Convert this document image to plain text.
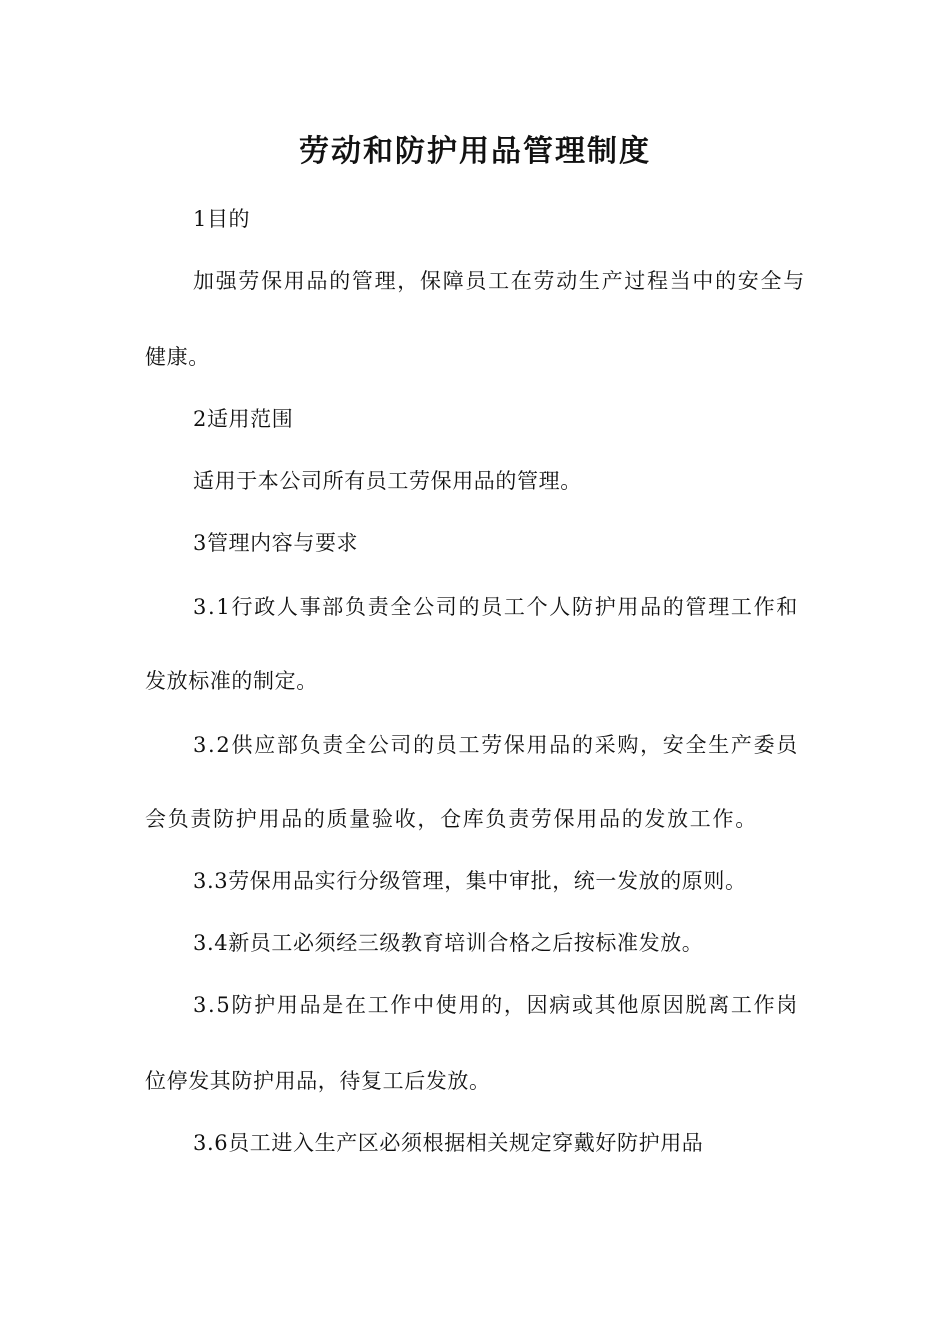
劳动和防护用品管理制度
1目的
加强劳保用品的管理，保障员工在劳动生产过程当中的安全与
健康。
2适用范围
适用于本公司所有员工劳保用品的管理。
3管理内容与要求
3.1行政人事部负责全公司的员工个人防护用品的管理工作和
发放标准的制定。
3.2供应部负责全公司的员工劳保用品的采购，安全生产委员
会负责防护用品的质量验收，仓库负责劳保用品的发放工作。
3.3劳保用品实行分级管理，集中审批，统一发放的原则。
3.4新员工必须经三级教育培训合格之后按标准发放。
3.5防护用品是在工作中使用的，因病或其他原因脱离工作岗
位停发其防护用品，待复工后发放。
3.6员工进入生产区必须根据相关规定穿戴好防护用品
